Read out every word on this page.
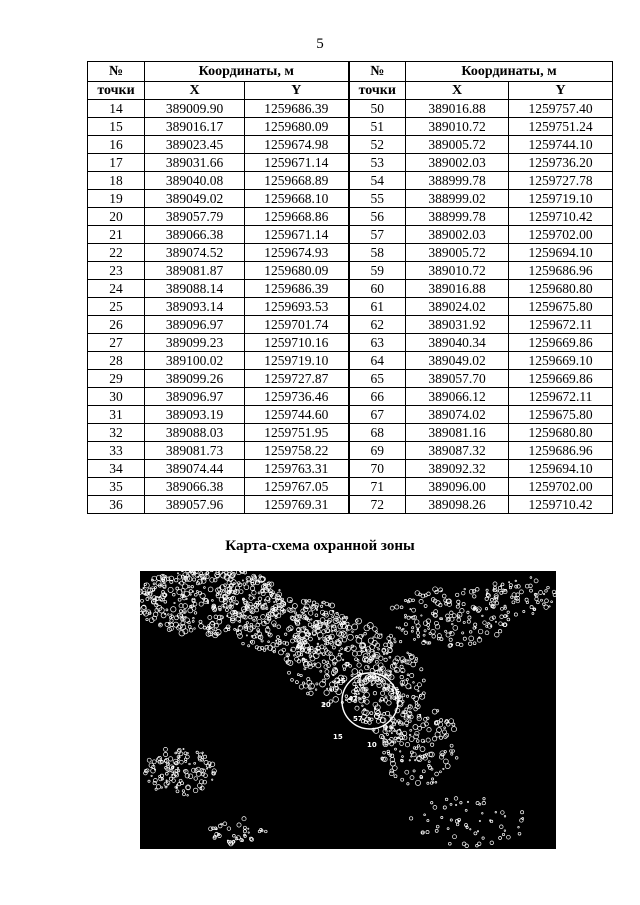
5
№	Координаты, м		№	Координаты, м	
точки	X	Y	точки	X	Y
14	389009.90	1259686.39	50	389016.88	1259757.40
15	389016.17	1259680.09	51	389010.72	1259751.24
16	389023.45	1259674.98	52	389005.72	1259744.10
17	389031.66	1259671.14	53	389002.03	1259736.20
18	389040.08	1259668.89	54	388999.78	1259727.78
19	389049.02	1259668.10	55	388999.02	1259719.10
20	389057.79	1259668.86	56	388999.78	1259710.42
21	389066.38	1259671.14	57	389002.03	1259702.00
22	389074.52	1259674.93	58	389005.72	1259694.10
23	389081.87	1259680.09	59	389010.72	1259686.96
24	389088.14	1259686.39	60	389016.88	1259680.80
25	389093.14	1259693.53	61	389024.02	1259675.80
26	389096.97	1259701.74	62	389031.92	1259672.11
27	389099.23	1259710.16	63	389040.34	1259669.86
28	389100.02	1259719.10	64	389049.02	1259669.10
29	389099.26	1259727.87	65	389057.70	1259669.86
30	389096.97	1259736.46	66	389066.12	1259672.11
31	389093.19	1259744.60	67	389074.02	1259675.80
32	389088.03	1259751.95	68	389081.16	1259680.80
33	389081.73	1259758.22	69	389087.32	1259686.96
34	389074.44	1259763.31	70	389092.32	1259694.10
35	389066.38	1259767.05	71	389096.00	1259702.00
36	389057.96	1259769.31	72	389098.26	1259710.42
Карта-схема охранной зоны
30
35
25
20
15
10
47
57
